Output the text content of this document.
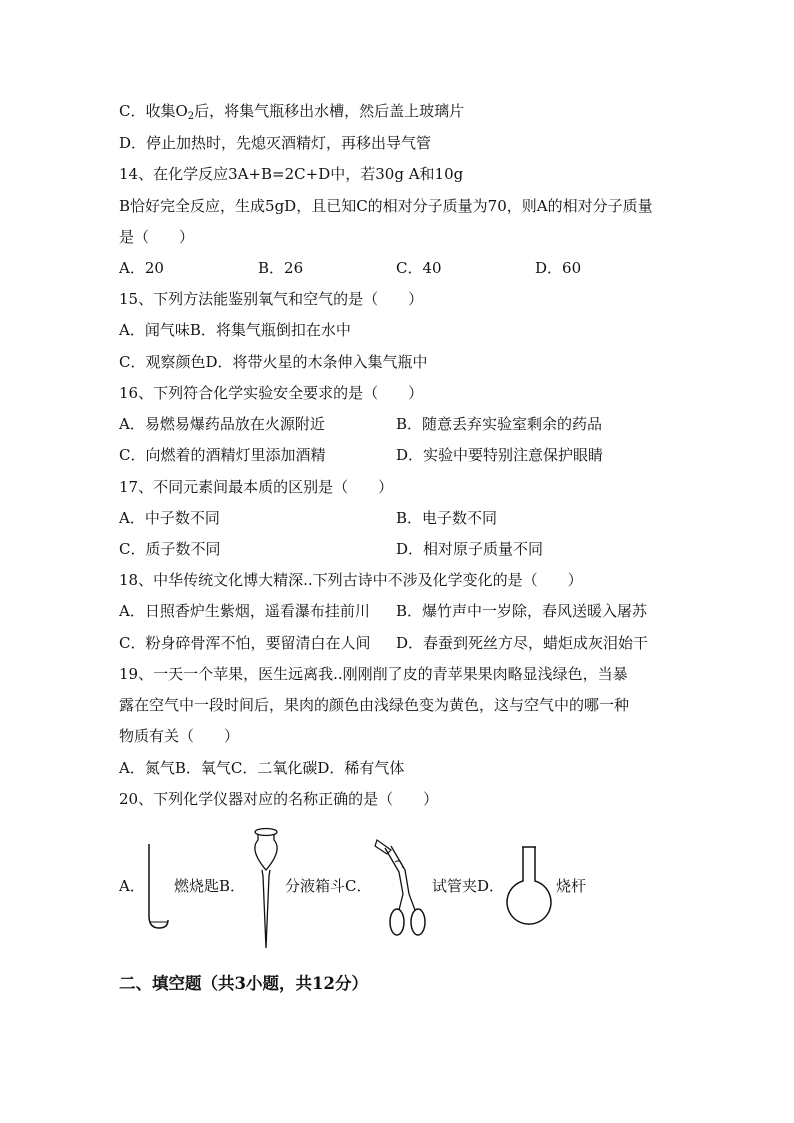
C．收集$O_2$后，将集气瓶移出水槽，然后盖上玻璃片
D．停止加热时，先熄灭酒精灯，再移出导气管
14、在化学反应3A+B=2C+D中，若30g A和10g
B恰好完全反应，生成5gD，且已知C的相对分子质量为70，则A的相对分子质量
是（　　）
A．20	B．26	C．40	D．60
15、下列方法能鉴别氧气和空气的是（　　）
A．闻气味B．将集气瓶倒扣在水中
C．观察颜色D．将带火星的木条伸入集气瓶中
16、下列符合化学实验安全要求的是（　　）
A．易燃易爆药品放在火源附近	B．随意丢弃实验室剩余的药品
C．向燃着的酒精灯里添加酒精	D．实验中要特别注意保护眼睛
17、不同元素间最本质的区别是（　　）
A．中子数不同	B．电子数不同
C．质子数不同	D．相对原子质量不同
18、中华传统文化博大精深..下列古诗中不涉及化学变化的是（　　）
A．日照香炉生紫烟，遥看瀑布挂前川 B．爆竹声中一岁除，春风送暖入屠苏
C．粉身碎骨浑不怕，要留清白在人间 D．春蚕到死丝方尽，蜡炬成灰泪始干
19、一天一个苹果，医生远离我..刚刚削了皮的青苹果果肉略显浅绿色，当暴
露在空气中一段时间后，果肉的颜色由浅绿色变为黄色，这与空气中的哪一种
物质有关（　　）
A．氮气B．氧气C．二氧化碳D．稀有气体
20、下列化学仪器对应的名称正确的是（　　）
A． 燃烧匙B．	分液箱斗C．	试管夹D．	烧杆
二、填空题（共3小题，共12分）
